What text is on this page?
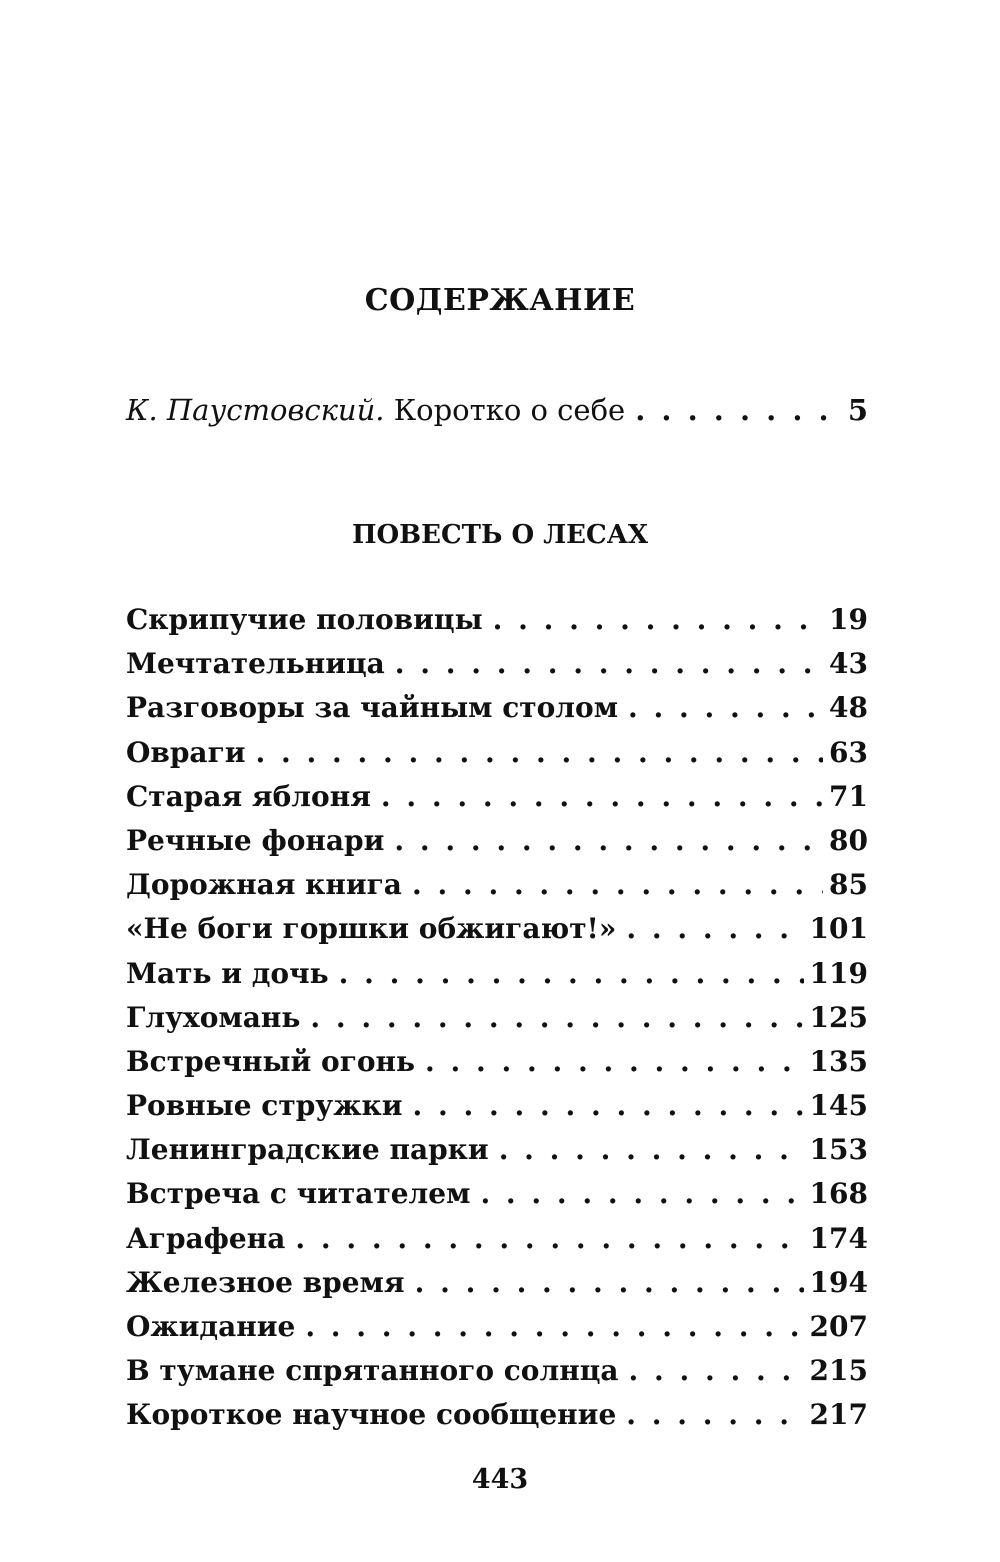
СОДЕРЖАНИЕ
К. Паустовский. Коротко о себе . . .	5
ПОВЕСТЬ О ЛЕСАХ
Скрипучие половицы . . .	19
Мечтательница . . .	43
Разговоры за чайным столом . . .	48
Овраги . . .	63
Старая яблоня . . .	71
Речные фонари . . .	80
Дорожная книга . . .	85
«Не боги горшки обжигают!» . . .	101
Мать и дочь . . .	119
Глухомань . . .	125
Встречный огонь . . .	135
Ровные стружки . . .	145
Ленинградские парки . . .	153
Встреча с читателем . . .	168
Аграфена . . .	174
Железное время . . .	194
Ожидание . . .	207
В тумане спрятанного солнца . . .	215
Короткое научное сообщение . . .	217
443
